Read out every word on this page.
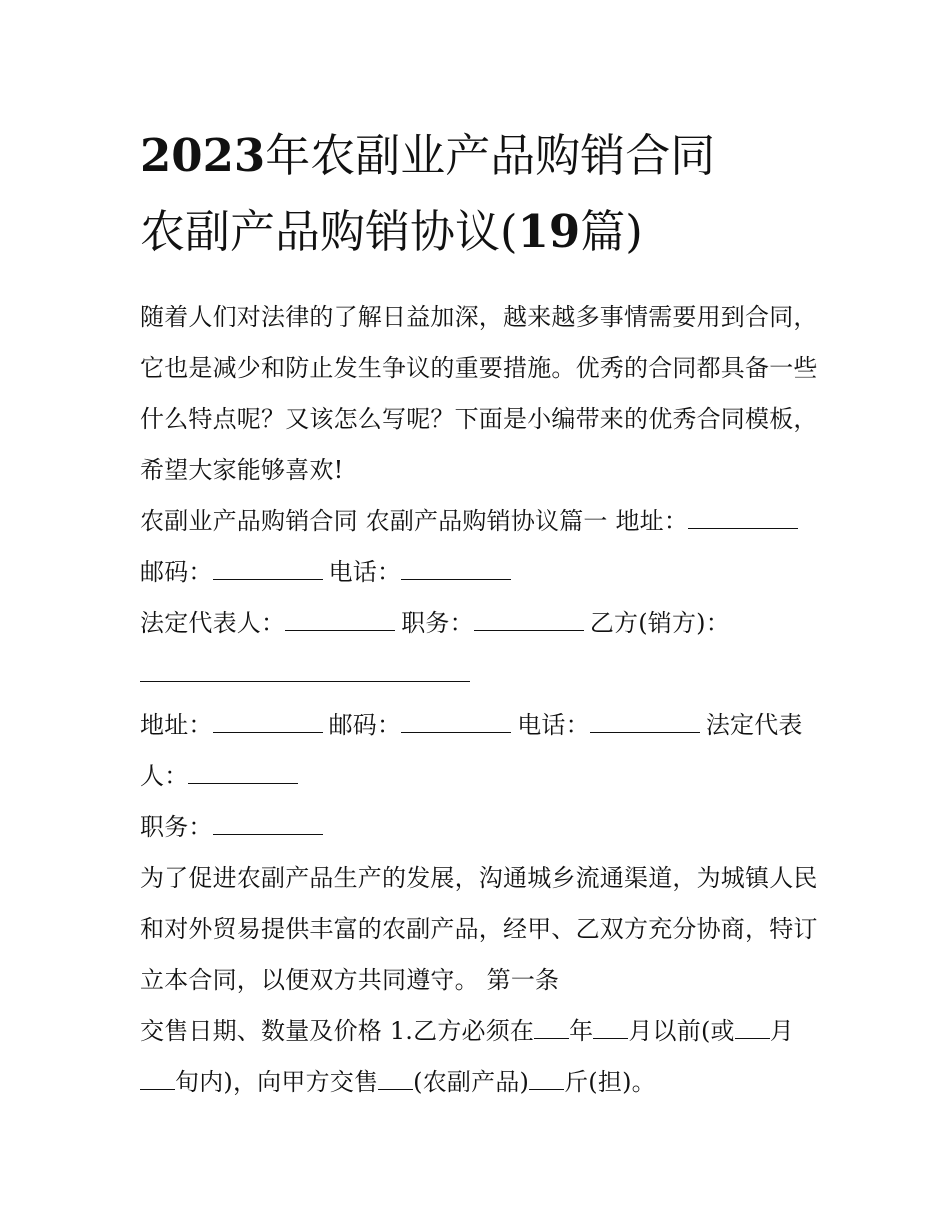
2023年农副业产品购销合同
农副产品购销协议(19篇)

随着人们对法律的了解日益加深，越来越多事情需要用到合同，它也是减少和防止发生争议的重要措施。优秀的合同都具备一些什么特点呢？又该怎么写呢？下面是小编带来的优秀合同模板，希望大家能够喜欢!

农副业产品购销合同 农副产品购销协议篇一 地址：
邮码：	电话：

法定代表人：	职务：	乙方(销方)：

地址：	邮码：	电话：	法定代表人：

职务：

为了促进农副产品生产的发展，沟通城乡流通渠道，为城镇人民和对外贸易提供丰富的农副产品，经甲、乙双方充分协商，特订立本合同，以便双方共同遵守。 第一条

交售日期、数量及价格 1.乙方必须在 年 月以前(或 月
旬内)，向甲方交售 (农副产品) 斤(担)。
